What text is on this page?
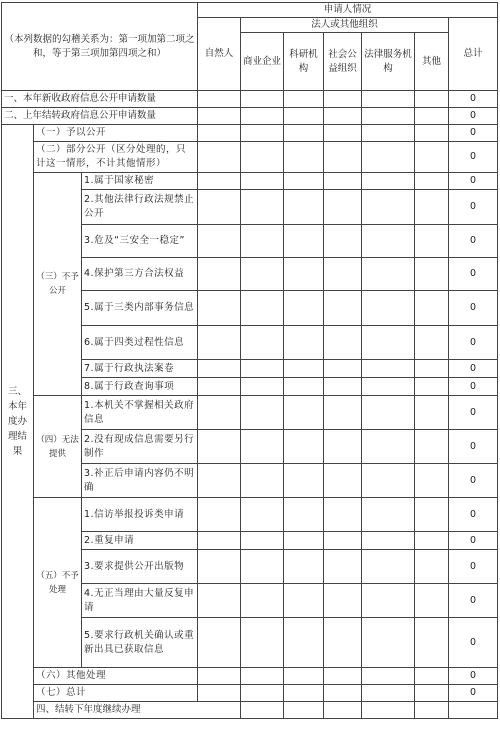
（本列数据的勾稽关系为：第一项加第二项之和，等于第三项加第四项之和）			申请人情况							
			自然人	法人或其他组织					总计	
				商业企业	科研机构	社会公益组织	法律服务机构	其他		
一、本年新收政府信息公开申请数量									0	
二、上年结转政府信息公开申请数量									0	
三、本年度办理结果	（一）予以公开								0	
	（二）部分公开（区分处理的，只计这一情形，不计其他情形）								0	
	（三）不予公开	1.属于国家秘密							0	
		2.其他法律行政法规禁止公开							0	
		3.危及“三安全一稳定”							0	
		4.保护第三方合法权益							0	
		5.属于三类内部事务信息							0	
		6.属于四类过程性信息							0	
		7.属于行政执法案卷							0	
		8.属于行政查询事项							0	
	（四）无法提供	1.本机关不掌握相关政府信息							0	
		2.没有现成信息需要另行制作							0	
		3.补正后申请内容仍不明确							0	
	（五）不予处理	1.信访举报投诉类申请							0	
		2.重复申请							0	
		3.要求提供公开出版物							0	
		4.无正当理由大量反复申请							0	
		5.要求行政机关确认或重新出具已获取信息							0	
	（六）其他处理								0	
	（七）总计								0	
	四、结转下年度继续办理							
